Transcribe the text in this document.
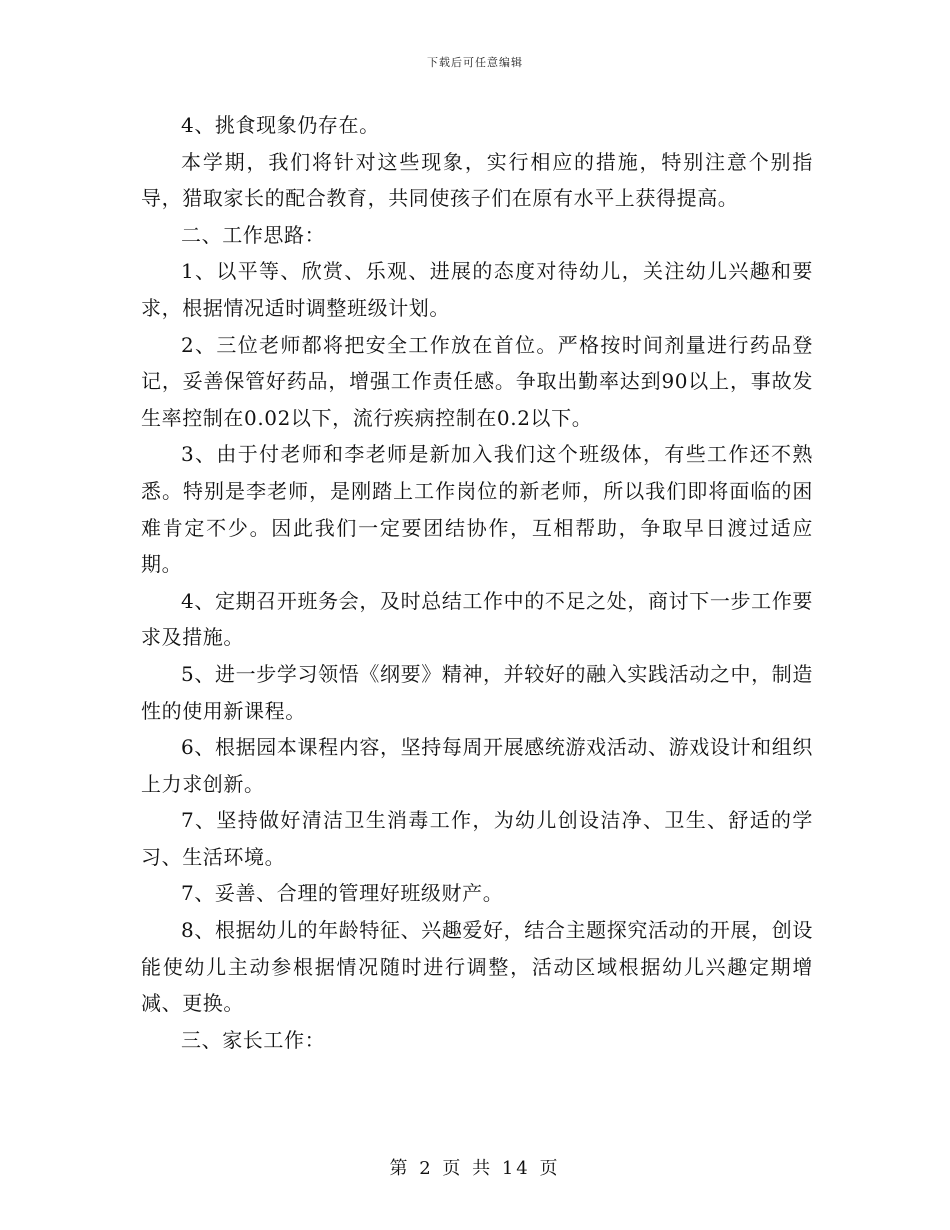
下载后可任意编辑

4、挑食现象仍存在。

本学期，我们将针对这些现象，实行相应的措施，特别注意个别指导，猎取家长的配合教育，共同使孩子们在原有水平上获得提高。

二、工作思路：

1、以平等、欣赏、乐观、进展的态度对待幼儿，关注幼儿兴趣和要求，根据情况适时调整班级计划。

2、三位老师都将把安全工作放在首位。严格按时间剂量进行药品登记，妥善保管好药品，增强工作责任感。争取出勤率达到90以上，事故发生率控制在0.02以下，流行疾病控制在0.2以下。

3、由于付老师和李老师是新加入我们这个班级体，有些工作还不熟悉。特别是李老师，是刚踏上工作岗位的新老师，所以我们即将面临的困难肯定不少。因此我们一定要团结协作，互相帮助，争取早日渡过适应期。

4、定期召开班务会，及时总结工作中的不足之处，商讨下一步工作要求及措施。

5、进一步学习领悟《纲要》精神，并较好的融入实践活动之中，制造性的使用新课程。

6、根据园本课程内容，坚持每周开展感统游戏活动、游戏设计和组织上力求创新。

7、坚持做好清洁卫生消毒工作，为幼儿创设洁净、卫生、舒适的学习、生活环境。

7、妥善、合理的管理好班级财产。

8、根据幼儿的年龄特征、兴趣爱好，结合主题探究活动的开展，创设能使幼儿主动参根据情况随时进行调整，活动区域根据幼儿兴趣定期增减、更换。

三、家长工作：

第 2 页 共 14 页
